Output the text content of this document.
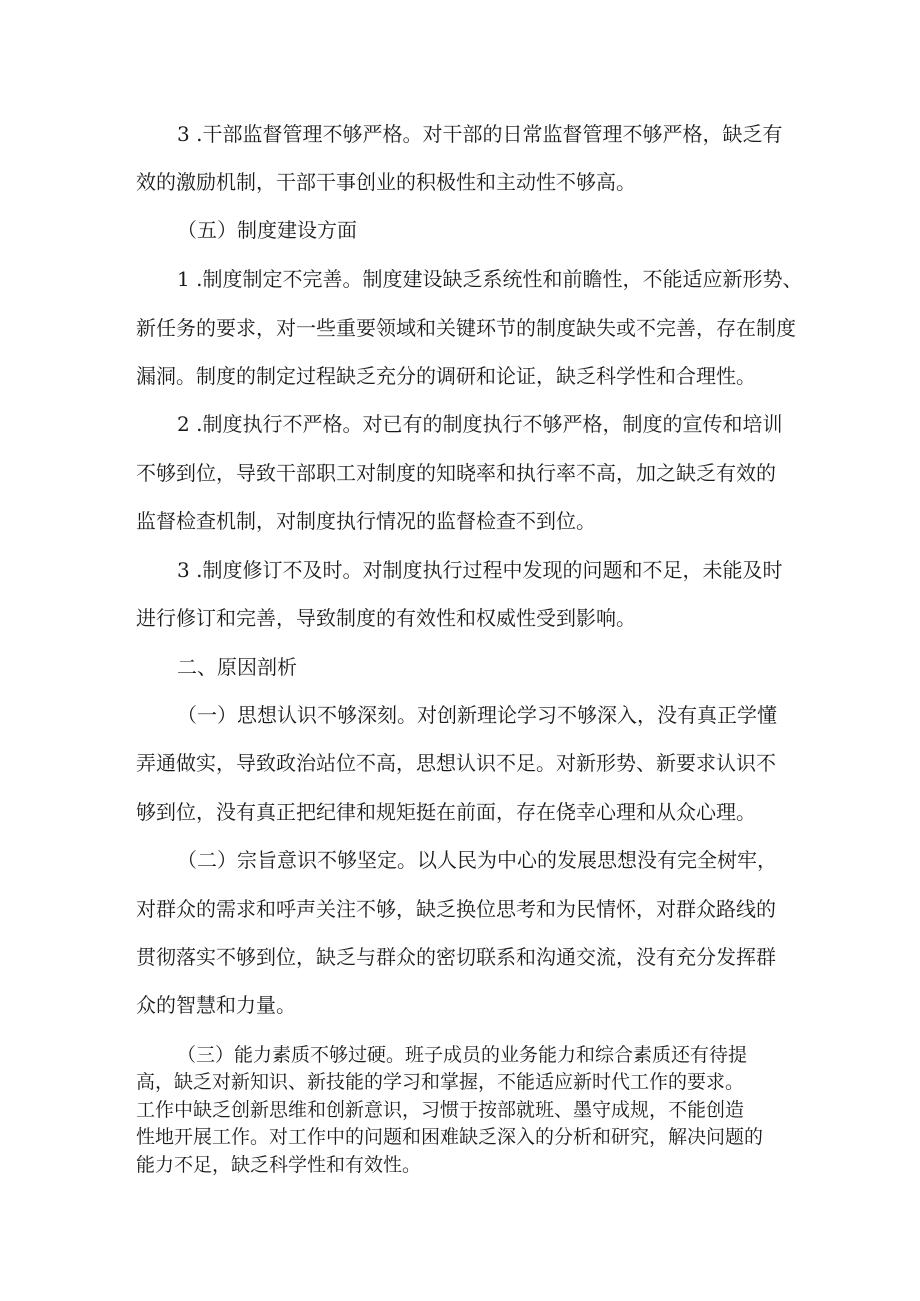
3 .干部监督管理不够严格。对干部的日常监督管理不够严格，缺乏有
效的激励机制，干部干事创业的积极性和主动性不够高。
（五）制度建设方面
1 .制度制定不完善。制度建设缺乏系统性和前瞻性，不能适应新形势、
新任务的要求，对一些重要领域和关键环节的制度缺失或不完善，存在制度
漏洞。制度的制定过程缺乏充分的调研和论证，缺乏科学性和合理性。
2 .制度执行不严格。对已有的制度执行不够严格，制度的宣传和培训
不够到位，导致干部职工对制度的知晓率和执行率不高，加之缺乏有效的
监督检查机制，对制度执行情况的监督检查不到位。
3 .制度修订不及时。对制度执行过程中发现的问题和不足，未能及时
进行修订和完善，导致制度的有效性和权威性受到影响。
二、原因剖析
（一）思想认识不够深刻。对创新理论学习不够深入，没有真正学懂
弄通做实，导致政治站位不高，思想认识不足。对新形势、新要求认识不
够到位，没有真正把纪律和规矩挺在前面，存在侥幸心理和从众心理。
（二）宗旨意识不够坚定。以人民为中心的发展思想没有完全树牢，
对群众的需求和呼声关注不够，缺乏换位思考和为民情怀，对群众路线的
贯彻落实不够到位，缺乏与群众的密切联系和沟通交流，没有充分发挥群
众的智慧和力量。
（三）能力素质不够过硬。班子成员的业务能力和综合素质还有待提
高，缺乏对新知识、新技能的学习和掌握，不能适应新时代工作的要求。
工作中缺乏创新思维和创新意识，习惯于按部就班、墨守成规，不能创造
性地开展工作。对工作中的问题和困难缺乏深入的分析和研究，解决问题的
能力不足，缺乏科学性和有效性。
